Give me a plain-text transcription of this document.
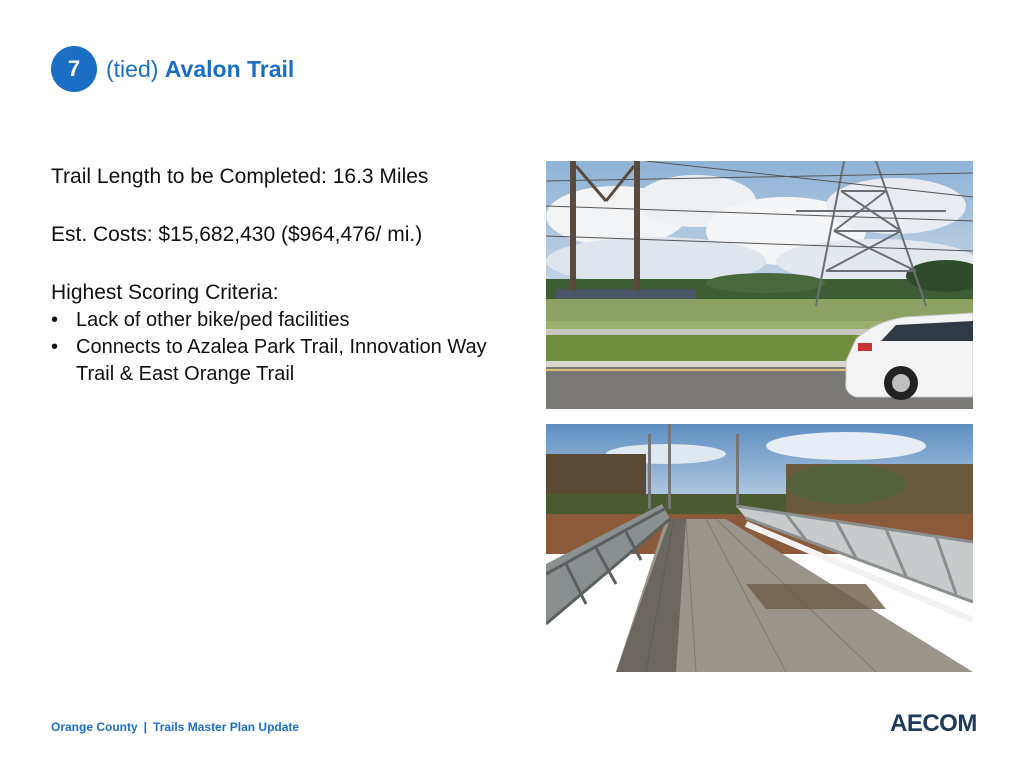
7 (tied) Avalon Trail

Trail Length to be Completed: 16.3 Miles

Est. Costs: $15,682,430 ($964,476/ mi.)

Highest Scoring Criteria:

• Lack of other bike/ped facilities
• Connects to Azalea Park Trail, Innovation Way Trail & East Orange Trail
Orange County | Trails Master Plan Update	AECOM
